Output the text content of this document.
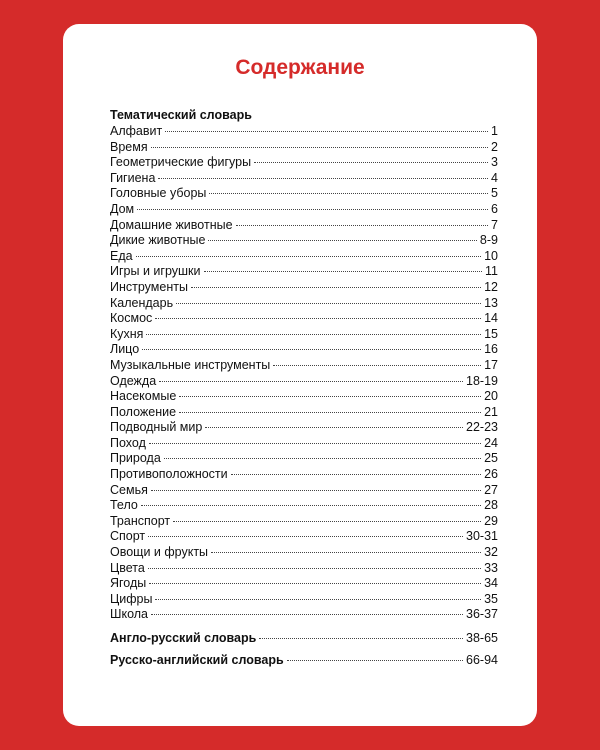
Содержание
Тематический словарь
Алфавит	1
Время	2
Геометрические фигуры	3
Гигиена	4
Головные уборы	5
Дом	6
Домашние животные	7
Дикие животные	8-9
Еда	10
Игры и игрушки	11
Инструменты	12
Календарь	13
Космос	14
Кухня	15
Лицо	16
Музыкальные инструменты	17
Одежда	18-19
Насекомые	20
Положение	21
Подводный мир	22-23
Поход	24
Природа	25
Противоположности	26
Семья	27
Тело	28
Транспорт	29
Спорт	30-31
Овощи и фрукты	32
Цвета	33
Ягоды	34
Цифры	35
Школа	36-37
Англо-русский словарь	38-65
Русско-английский словарь	66-94
